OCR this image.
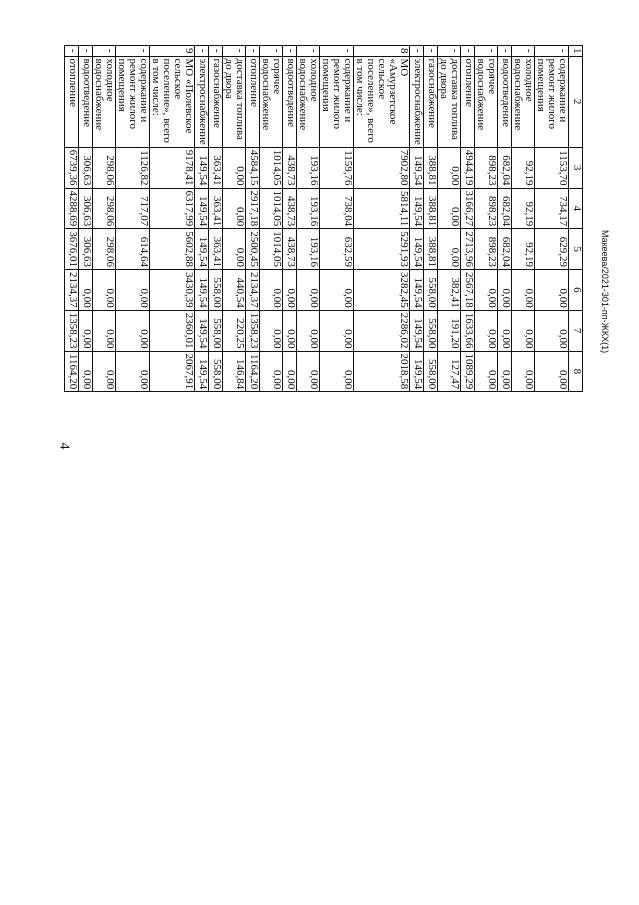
4
Макеева/2021-301-пп-ЖКХ(1)
1	2	3	4	5	6	7	8
-	содержание и ремонт жилого помещения	1153,70	734,17	629,29	0,00	0,00	0,00
-	холодное водоснабжение	92,19	92,19	92,19	0,00	0,00	0,00
-	водоотведение	682,04	682,04	682,04	0,00	0,00	0,00
-	горячее водоснабжение	898,23	898,23	898,23	0,00	0,00	0,00
-	отопление	4944,19	3166,27	2713,96	2567,18	1633,66	1089,29
-	доставка топлива до двора	0,00	0,00	0,00	382,41	191,20	127,47
-	газоснабжение	388,81	388,81	388,81	558,00	558,00	558,00
-	электроснабжение	149,54	149,54	149,54	149,54	149,54	149,54
8	МО «Амурзетское сельское поселение», всего в том числе:	7902,80	5814,11	5291,93	3282,45	2286,02	2018,58
-	содержание и ремонт жилого помещения	1159,76	738,04	632,59	0,00	0,00	0,00
-	холодное водоснабжение	193,16	193,16	193,16	0,00	0,00	0,00
-	водоотведение	438,73	438,73	438,73	0,00	0,00	0,00
-	горячее водоснабжение	1014,05	1014,05	1014,05	0,00	0,00	0,00
-	отопление	4584,15	2917,18	2500,45	2134,37	1358,23	1164,20
-	доставка топлива до двора	0,00	0,00	0,00	440,54	220,25	146,84
-	газоснабжение	363,41	363,41	363,41	558,00	558,00	558,00
-	электроснабжение	149,54	149,54	149,54	149,54	149,54	149,54
9	МО «Полевское сельское поселение», всего в том числе:	9178,41	6317,99	5602,88	3430,39	2360,01	2067,91
-	содержание и ремонт жилого помещения	1126,82	717,07	614,64	0,00	0,00	0,00
-	холодное водоснабжение	298,06	298,06	298,06	0,00	0,00	0,00
-	водоотведение	306,63	306,63	306,63	0,00	0,00	0,00
-	отопление	6739,36	4288,69	3676,01	2134,37	1358,23	1164,20
